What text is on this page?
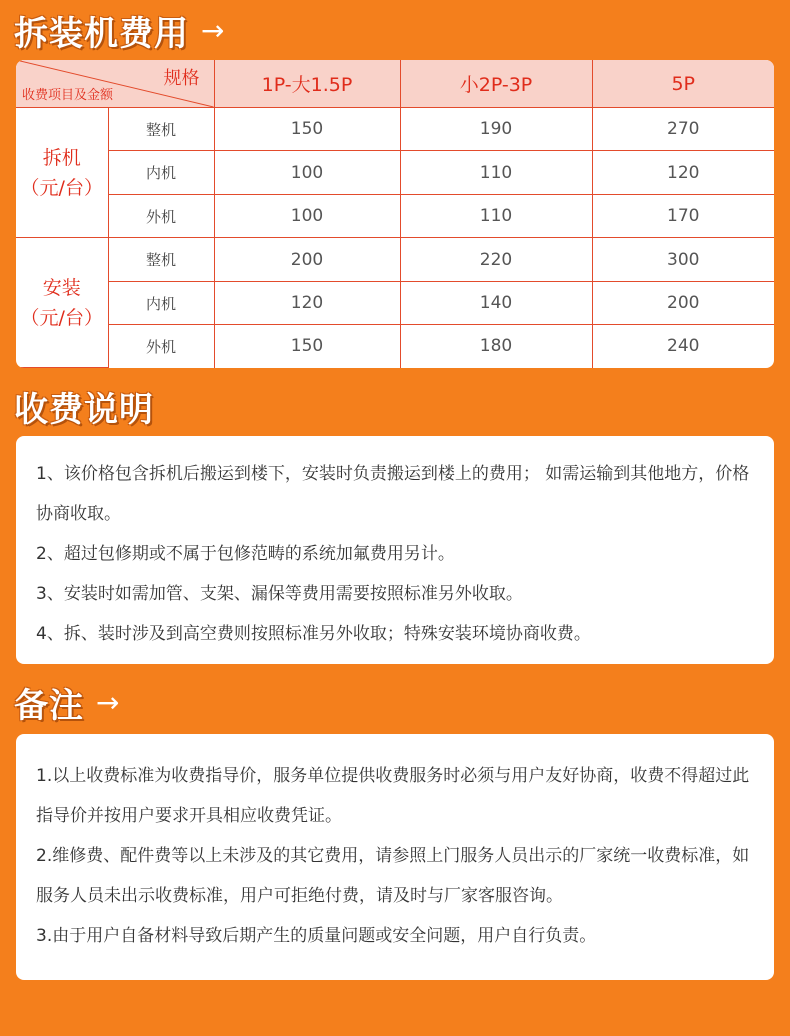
拆装机费用 →
规格
收费项目及金额		1P-大1.5P	小2P-3P	5P

拆机
（元/台）	整机	150	190	270
	内机	100	110	120
	外机	100	110	170

安装
（元/台）	整机	200	220	300
	内机	120	140	200
	外机	150	180	240
收费说明

1、该价格包含拆机后搬运到楼下，安装时负责搬运到楼上的费用； 如需运输到其他地方，价格协商收取。

2、超过包修期或不属于包修范畴的系统加氟费用另计。

3、安装时如需加管、支架、漏保等费用需要按照标准另外收取。

4、拆、装时涉及到高空费则按照标准另外收取；特殊安装环境协商收费。

备注 →

1.以上收费标准为收费指导价，服务单位提供收费服务时必须与用户友好协商，收费不得超过此指导价并按用户要求开具相应收费凭证。

2.维修费、配件费等以上未涉及的其它费用，请参照上门服务人员出示的厂家统一收费标准，如服务人员未出示收费标准，用户可拒绝付费，请及时与厂家客服咨询。

3.由于用户自备材料导致后期产生的质量问题或安全问题，用户自行负责。
